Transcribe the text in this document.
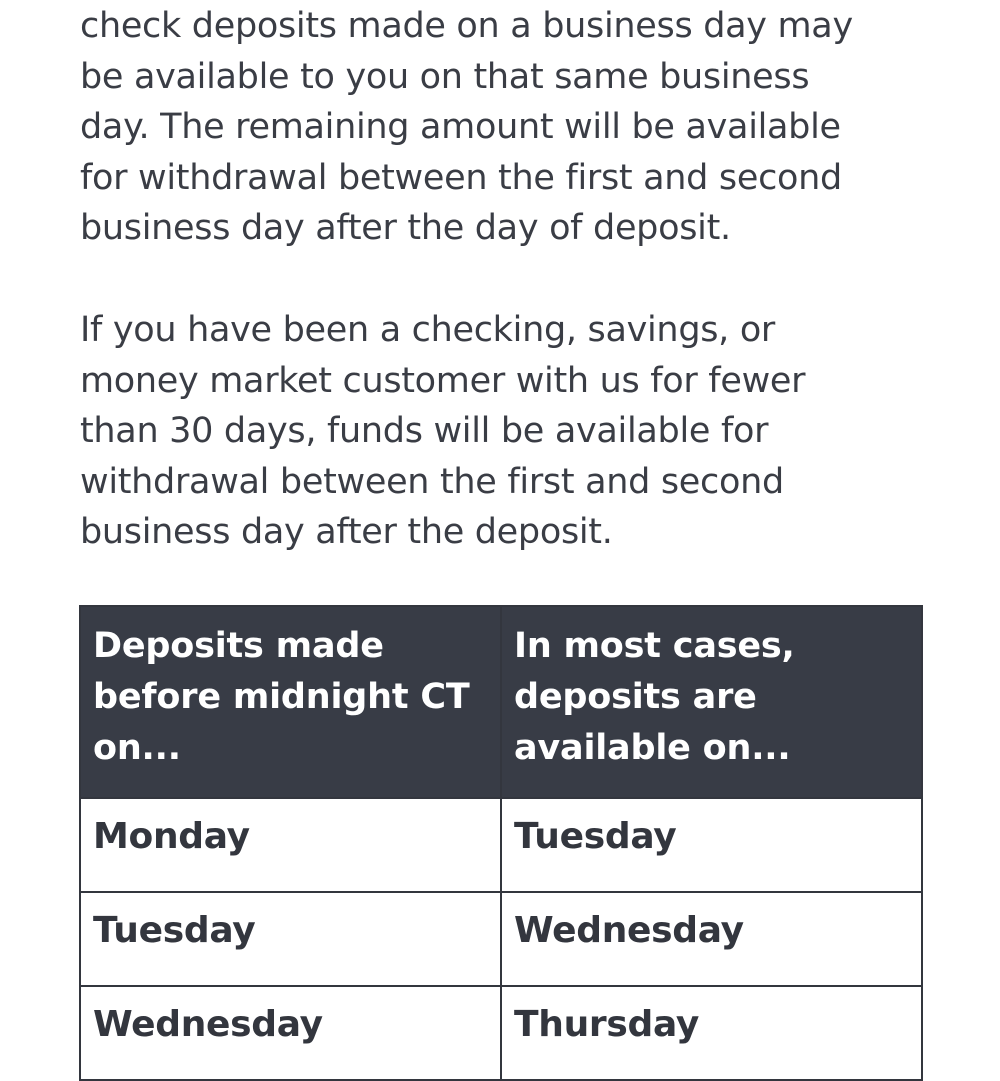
check deposits made on a business day may
be available to you on that same business
day. The remaining amount will be available
for withdrawal between the first and second
business day after the day of deposit.

If you have been a checking, savings, or
money market customer with us for fewer
than 30 days, funds will be available for
withdrawal between the first and second
business day after the deposit.

Deposits made
before midnight CT
on...	In most cases,
deposits are
available on...

Monday	Tuesday
Tuesday	Wednesday
Wednesday	Thursday
